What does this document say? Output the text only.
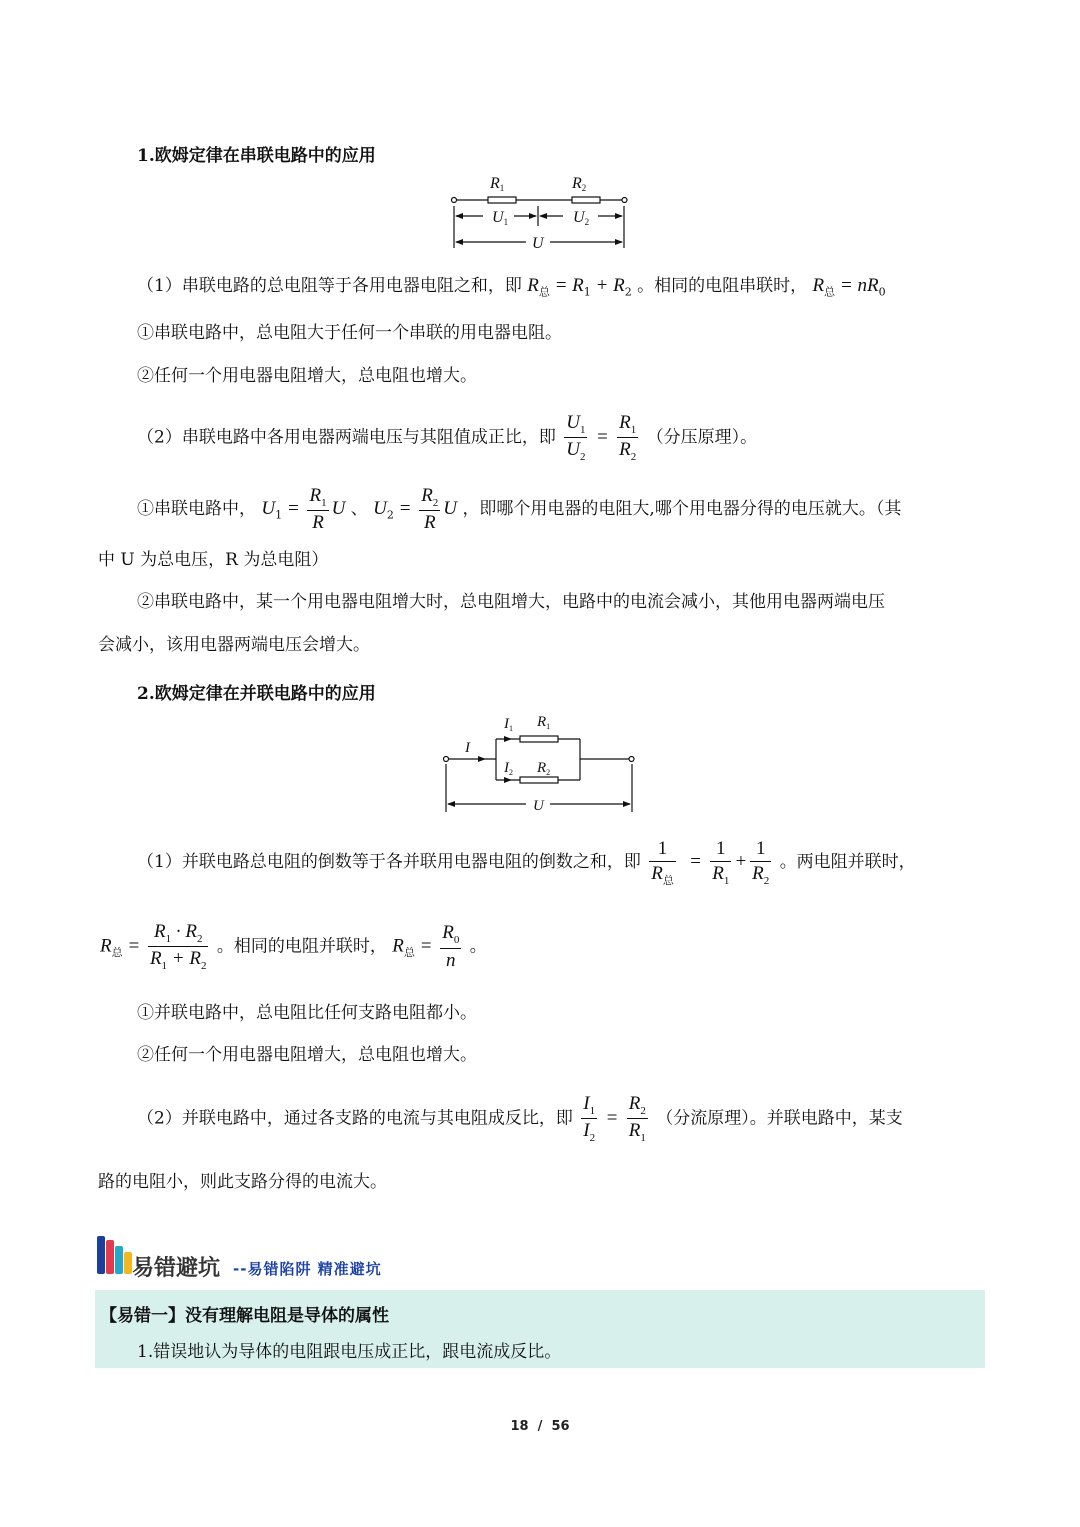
1.欧姆定律在串联电路中的应用
R1	R2
U1	U2
U
（1）串联电路的总电阻等于各用电器电阻之和，即 $R_总 = R_1 + R_2$ 。相同的电阻串联时， $R_总 = nR_0$
①串联电路中，总电阻大于任何一个串联的用电器电阻。
②任何一个用电器电阻增大，总电阻也增大。
（2）串联电路中各用电器两端电压与其阻值成正比，即 $\frac{U_1}{U_2} = \frac{R_1}{R_2}$ （分压原理）。
①串联电路中， $U_1 = \frac{R_1}{R}$ U 、 $U_2 = \frac{R_2}{R}$ U ，即哪个用电器的电阻大,哪个用电器分得的电压就大。（其
中 U 为总电压，R 为总电阻）
②串联电路中，某一个用电器电阻增大时，总电阻增大，电路中的电流会减小，其他用电器两端电压
会减小，该用电器两端电压会增大。
2.欧姆定律在并联电路中的应用
I
$I_1$ $R_1$
$I_2$ $R_2$
U
（1）并联电路总电阻的倒数等于各并联用电器电阻的倒数之和，即 $\frac{1}{R_总} = \frac{1}{R_1} + \frac{1}{R_2}$ 。两电阻并联时，
$R_总 = \frac{R_1 \cdot R_2}{R_1 + R_2}$ 。相同的电阻并联时， $R_总 = \frac{R_0}{n}$ 。
①并联电路中，总电阻比任何支路电阻都小。
②任何一个用电器电阻增大，总电阻也增大。
（2）并联电路中，通过各支路的电流与其电阻成反比，即 $\frac{I_1}{I_2} = \frac{R_2}{R_1}$ （分流原理）。并联电路中，某支
路的电阻小，则此支路分得的电流大。
易错避坑 --易错陷阱 精准避坑
【易错一】没有理解电阻是导体的属性
1.错误地认为导体的电阻跟电压成正比，跟电流成反比。
18 / 56
